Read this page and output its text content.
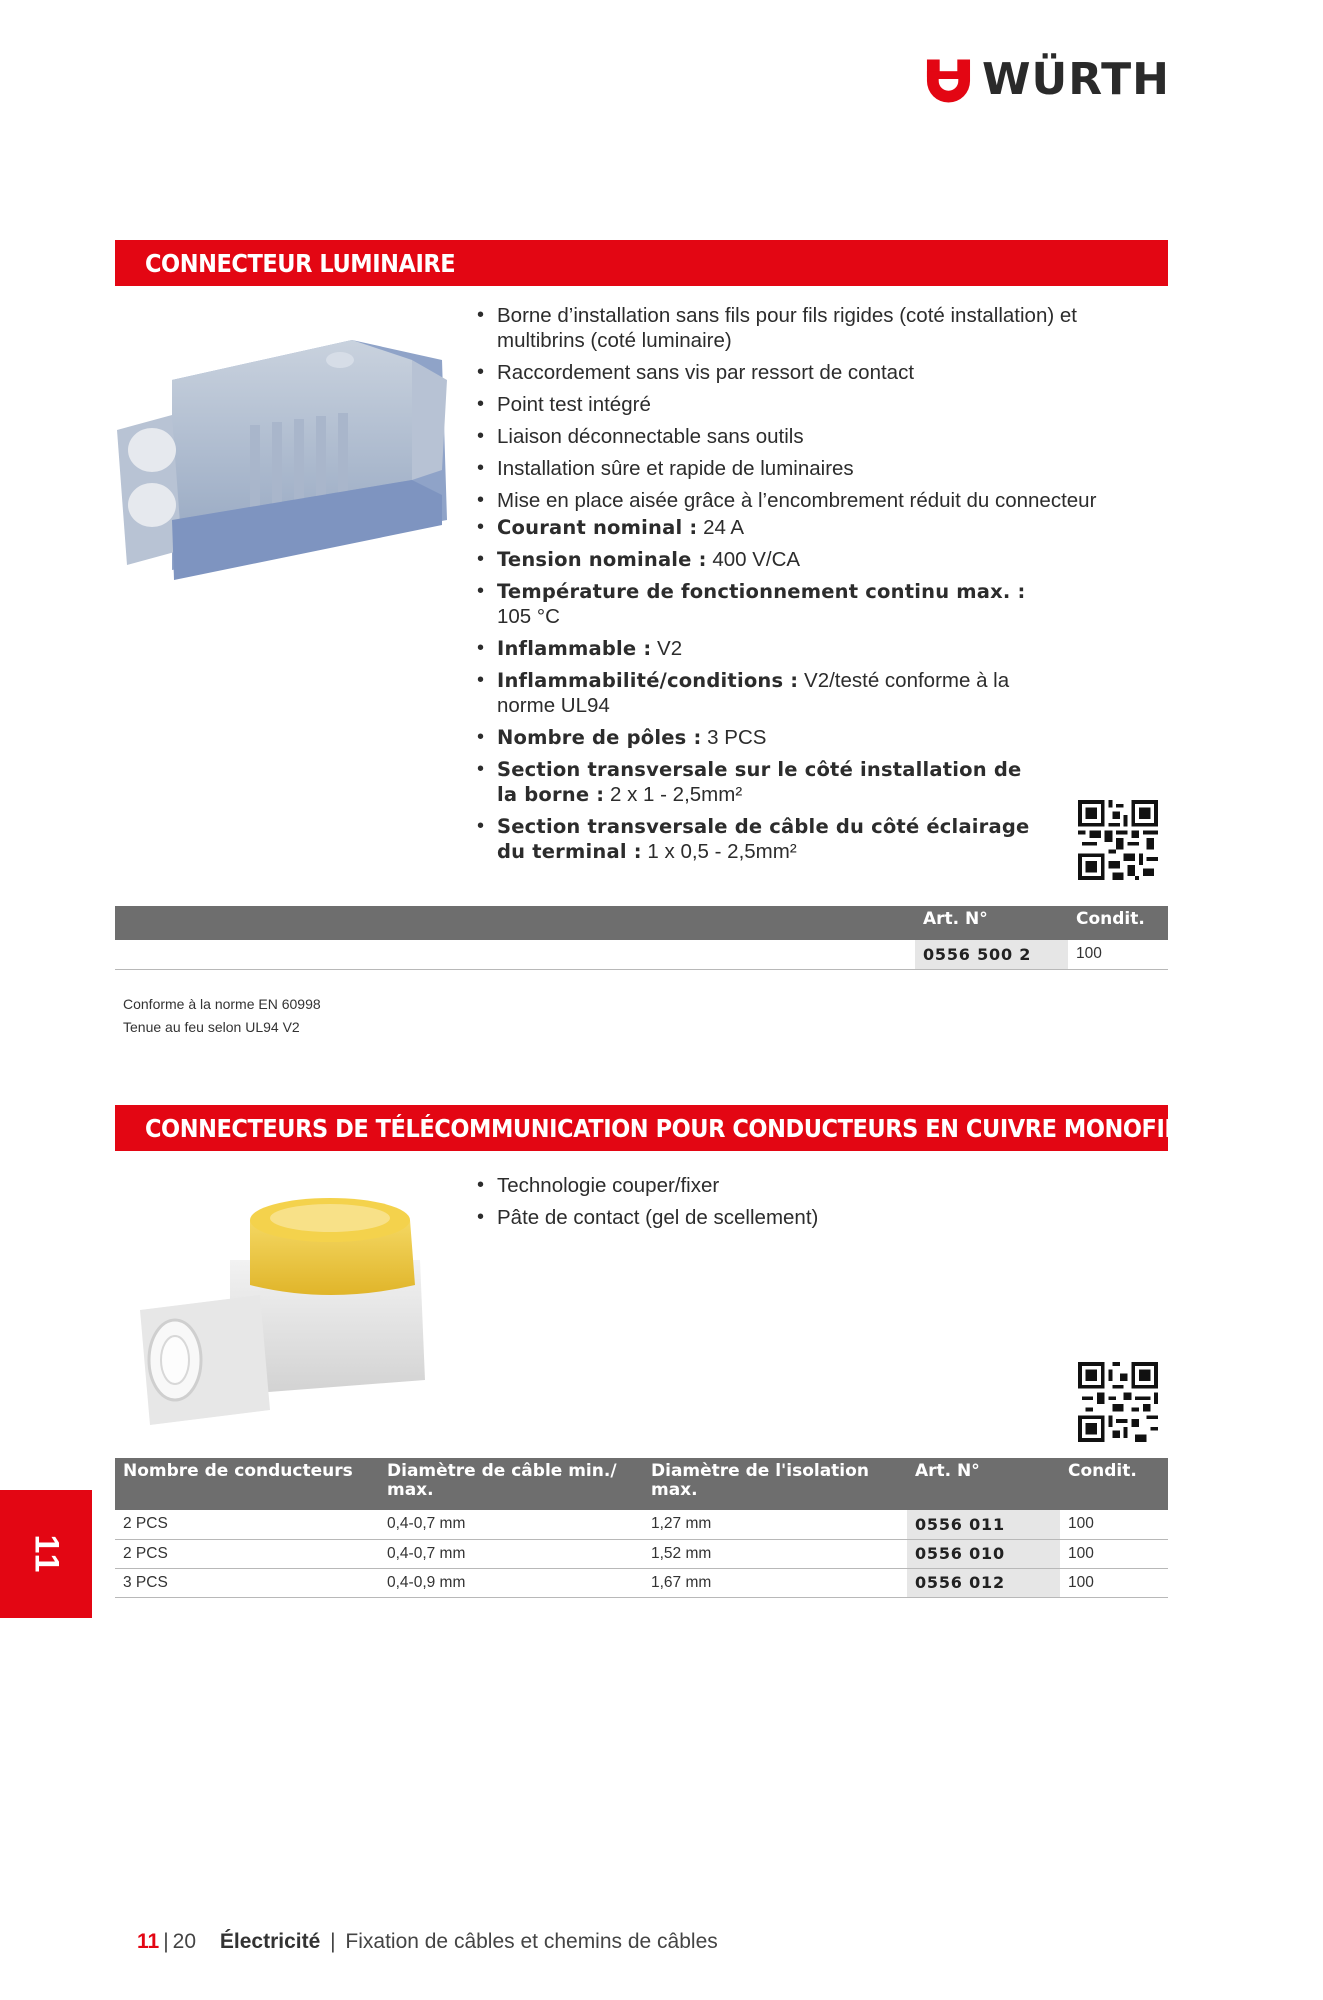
WÜRTH
CONNECTEUR LUMINAIRE
• Borne d’installation sans fils pour fils rigides (coté installation) et multibrins (coté luminaire)
• Raccordement sans vis par ressort de contact
• Point test intégré
• Liaison déconnectable sans outils
• Installation sûre et rapide de luminaires
• Mise en place aisée grâce à l’encombrement réduit du connecteur
• Courant nominal : 24 A
• Tension nominale : 400 V/CA
• Température de fonctionnement continu max. : 105 °C
• Inflammable : V2
• Inflammabilité/conditions : V2/testé conforme à la norme UL94
• Nombre de pôles : 3 PCS
• Section transversale sur le côté installation de la borne : 2 x 1 - 2,5mm²
• Section transversale de câble du côté éclairage du terminal : 1 x 0,5 - 2,5mm²
	Art. N°	Condit.
	0556 500 2	100
Conforme à la norme EN 60998
Tenue au feu selon UL94 V2
CONNECTEURS DE TÉLÉCOMMUNICATION POUR CONDUCTEURS EN CUIVRE MONOFIL
• Technologie couper/fixer
• Pâte de contact (gel de scellement)
Nombre de conducteurs	Diamètre de câble min./ max.	Diamètre de l'isolation max.	Art. N°	Condit.
2 PCS	0,4-0,7 mm	1,27 mm	0556 011	100
2 PCS	0,4-0,7 mm	1,52 mm	0556 010	100
3 PCS	0,4-0,9 mm	1,67 mm	0556 012	100
11
11 | 20 Électricité | Fixation de câbles et chemins de câbles
